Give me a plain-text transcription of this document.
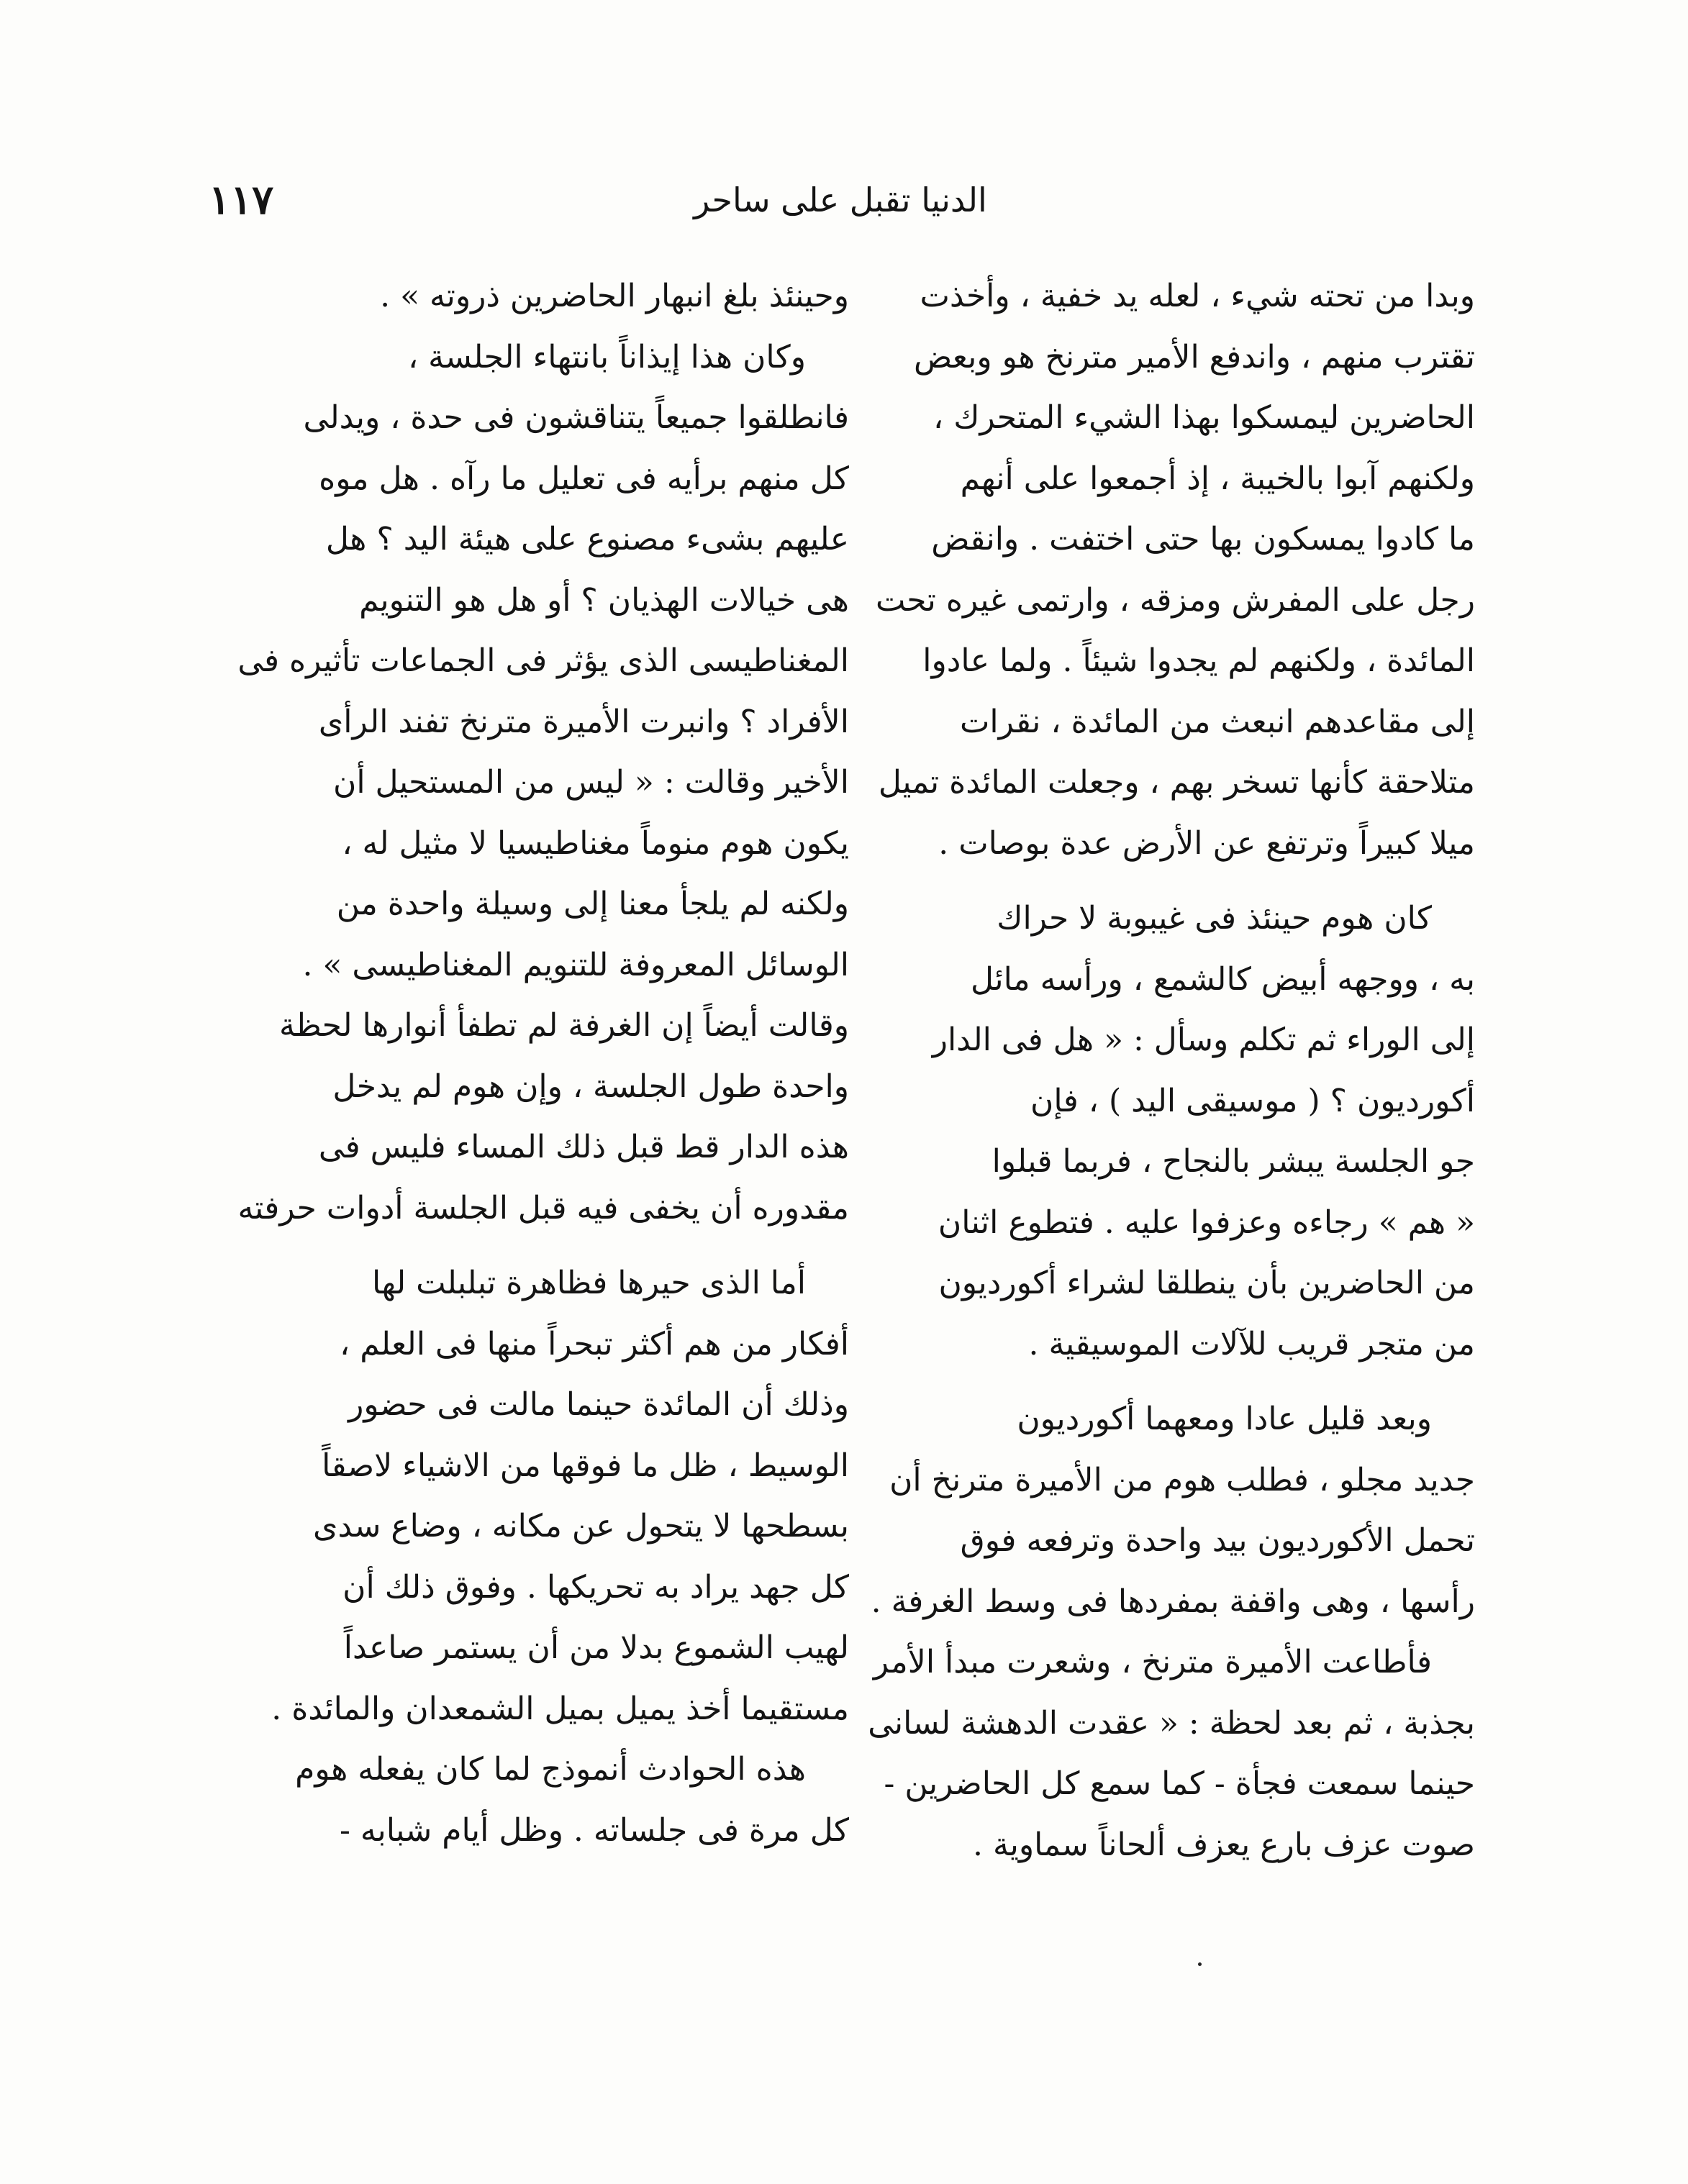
الدنيا تقبل على ساحر
١١٧
وبدا من تحته شيء ، لعله يد خفية ، وأخذت
تقترب منهم ، واندفع الأمير مترنخ هو وبعض
الحاضرين ليمسكوا بهذا الشيء المتحرك ،
ولكنهم آبوا بالخيبة ، إذ أجمعوا على أنهم
ما كادوا يمسكون بها حتى اختفت . وانقض
رجل على المفرش ومزقه ، وارتمى غيره تحت
المائدة ، ولكنهم لم يجدوا شيئاً . ولما عادوا
إلى مقاعدهم انبعث من المائدة ، نقرات
متلاحقة كأنها تسخر بهم ، وجعلت المائدة تميل
ميلا كبيراً وترتفع عن الأرض عدة بوصات .
كان هوم حينئذ فى غيبوبة لا حراك
به ، ووجهه أبيض كالشمع ، ورأسه مائل
إلى الوراء ثم تكلم وسأل : « هل فى الدار
أكورديون ؟ ( موسيقى اليد ) ، فإن
جو الجلسة يبشر بالنجاح ، فربما قبلوا
« هم » رجاءه وعزفوا عليه . فتطوع اثنان
من الحاضرين بأن ينطلقا لشراء أكورديون
من متجر قريب للآلات الموسيقية .
وبعد قليل عادا ومعهما أكورديون
جديد مجلو ، فطلب هوم من الأميرة مترنخ أن
تحمل الأكورديون بيد واحدة وترفعه فوق
رأسها ، وهى واقفة بمفردها فى وسط الغرفة .
فأطاعت الأميرة مترنخ ، وشعرت مبدأ الأمر
بجذبة ، ثم بعد لحظة : « عقدت الدهشة لسانى
حينما سمعت فجأة - كما سمع كل الحاضرين -
صوت عزف بارع يعزف ألحاناً سماوية .
وحينئذ بلغ انبهار الحاضرين ذروته » .
وكان هذا إيذاناً بانتهاء الجلسة ،
فانطلقوا جميعاً يتناقشون فى حدة ، ويدلى
كل منهم برأيه فى تعليل ما رآه . هل موه
عليهم بشىء مصنوع على هيئة اليد ؟ هل
هى خيالات الهذيان ؟ أو هل هو التنويم
المغناطيسى الذى يؤثر فى الجماعات تأثيره فى
الأفراد ؟ وانبرت الأميرة مترنخ تفند الرأى
الأخير وقالت : « ليس من المستحيل أن
يكون هوم منوماً مغناطيسيا لا مثيل له ،
ولكنه لم يلجأ معنا إلى وسيلة واحدة من
الوسائل المعروفة للتنويم المغناطيسى » .
وقالت أيضاً إن الغرفة لم تطفأ أنوارها لحظة
واحدة طول الجلسة ، وإن هوم لم يدخل
هذه الدار قط قبل ذلك المساء فليس فى
مقدوره أن يخفى فيه قبل الجلسة أدوات حرفته
أما الذى حيرها فظاهرة تبلبلت لها
أفكار من هم أكثر تبحراً منها فى العلم ،
وذلك أن المائدة حينما مالت فى حضور
الوسيط ، ظل ما فوقها من الاشياء لاصقاً
بسطحها لا يتحول عن مكانه ، وضاع سدى
كل جهد يراد به تحريكها . وفوق ذلك أن
لهيب الشموع بدلا من أن يستمر صاعداً
مستقيما أخذ يميل بميل الشمعدان والمائدة .
هذه الحوادث أنموذج لما كان يفعله هوم
كل مرة فى جلساته . وظل أيام شبابه -
